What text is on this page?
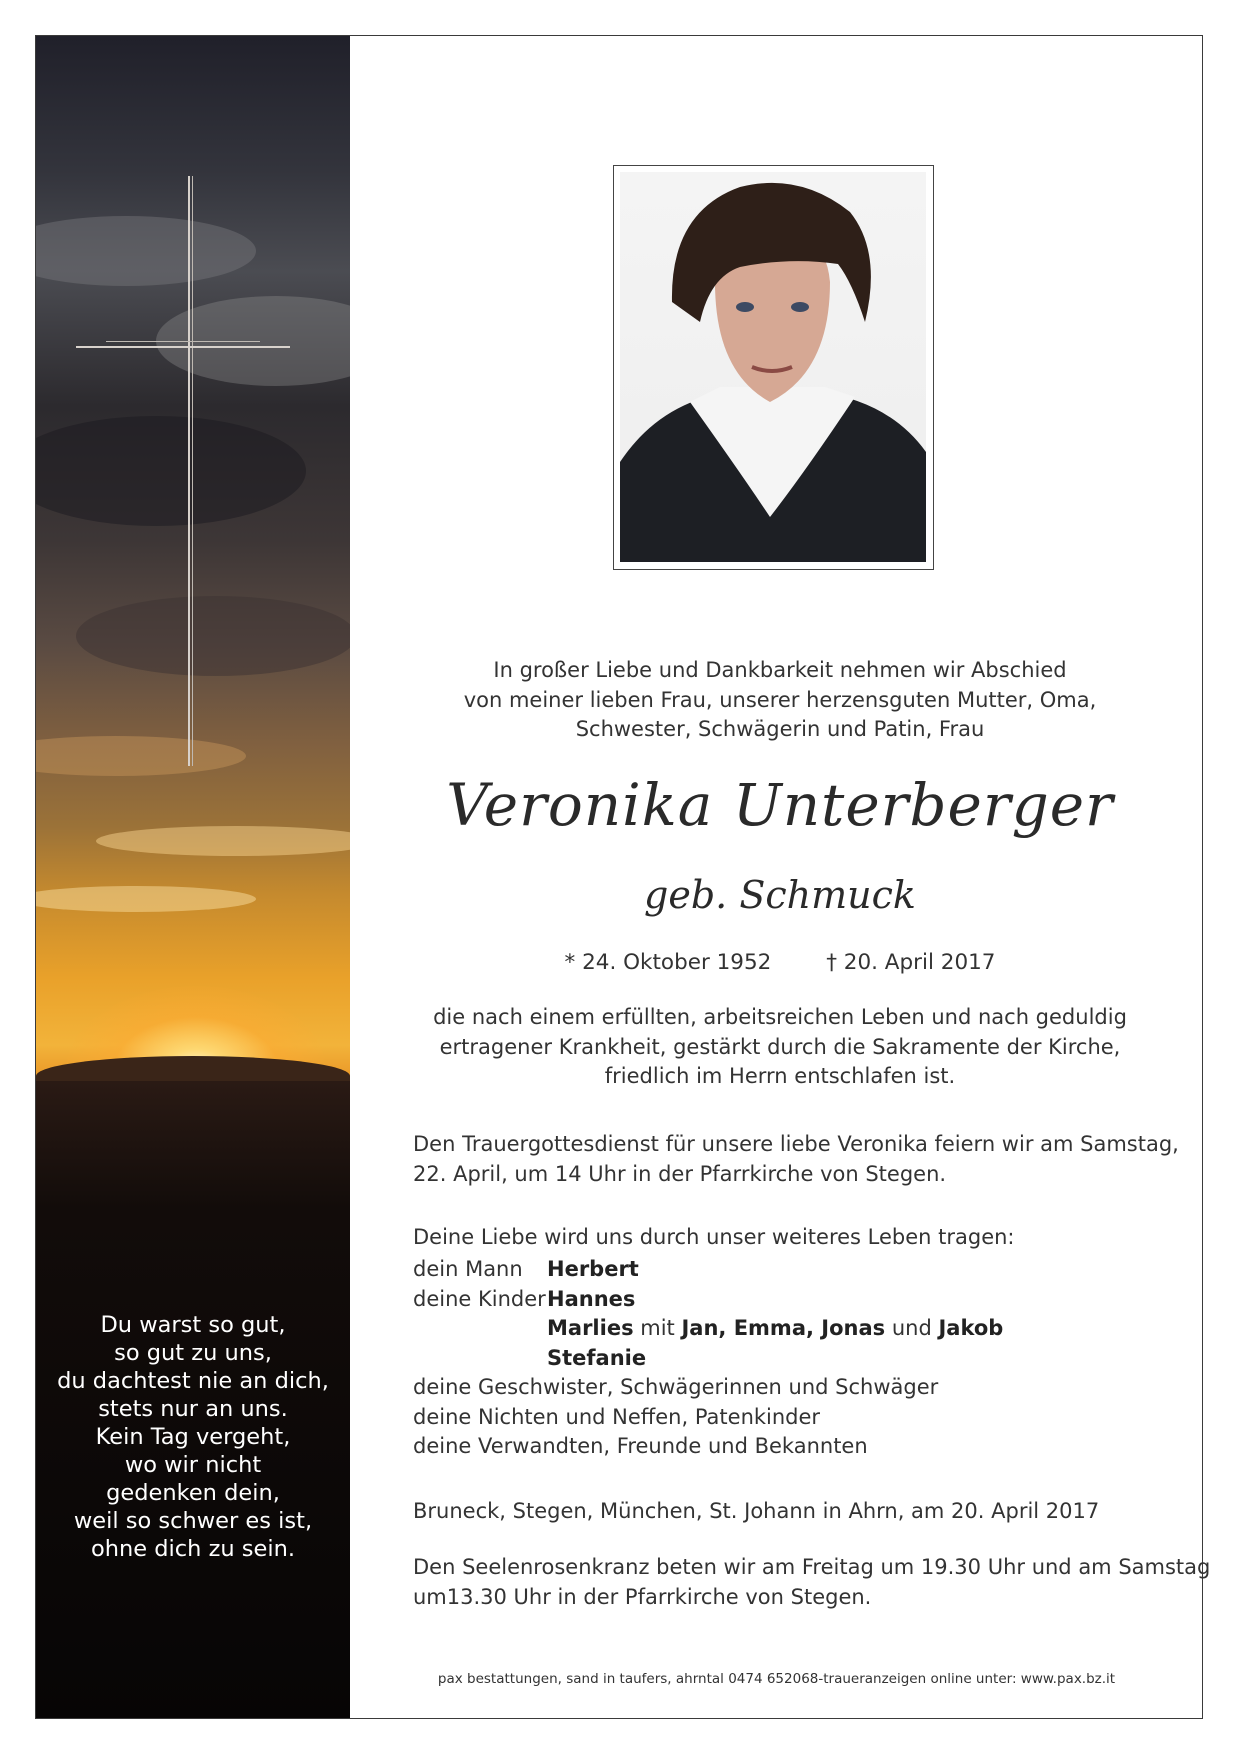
Du warst so gut,
so gut zu uns,
du dachtest nie an dich,
stets nur an uns.
Kein Tag vergeht,
wo wir nicht
gedenken dein,
weil so schwer es ist,
ohne dich zu sein.
In großer Liebe und Dankbarkeit nehmen wir Abschied
von meiner lieben Frau, unserer herzensguten Mutter, Oma,
Schwester, Schwägerin und Patin, Frau
Veronika Unterberger
geb. Schmuck
* 24. Oktober 1952	† 20. April 2017
die nach einem erfüllten, arbeitsreichen Leben und nach geduldig
ertragener Krankheit, gestärkt durch die Sakramente der Kirche,
friedlich im Herrn entschlafen ist.
Den Trauergottesdienst für unsere liebe Veronika feiern wir am Samstag,
22. April, um 14 Uhr in der Pfarrkirche von Stegen.
Deine Liebe wird uns durch unser weiteres Leben tragen:
dein Mann Herbert
deine KinderHannes
Marlies mit Jan, Emma, Jonas und Jakob
Stefanie
deine Geschwister, Schwägerinnen und Schwäger
deine Nichten und Neffen, Patenkinder
deine Verwandten, Freunde und Bekannten
Bruneck, Stegen, München, St. Johann in Ahrn, am 20. April 2017
Den Seelenrosenkranz beten wir am Freitag um 19.30 Uhr und am Samstag
um13.30 Uhr in der Pfarrkirche von Stegen.
pax bestattungen, sand in taufers, ahrntal 0474 652068-traueranzeigen online unter: www.pax.bz.it
